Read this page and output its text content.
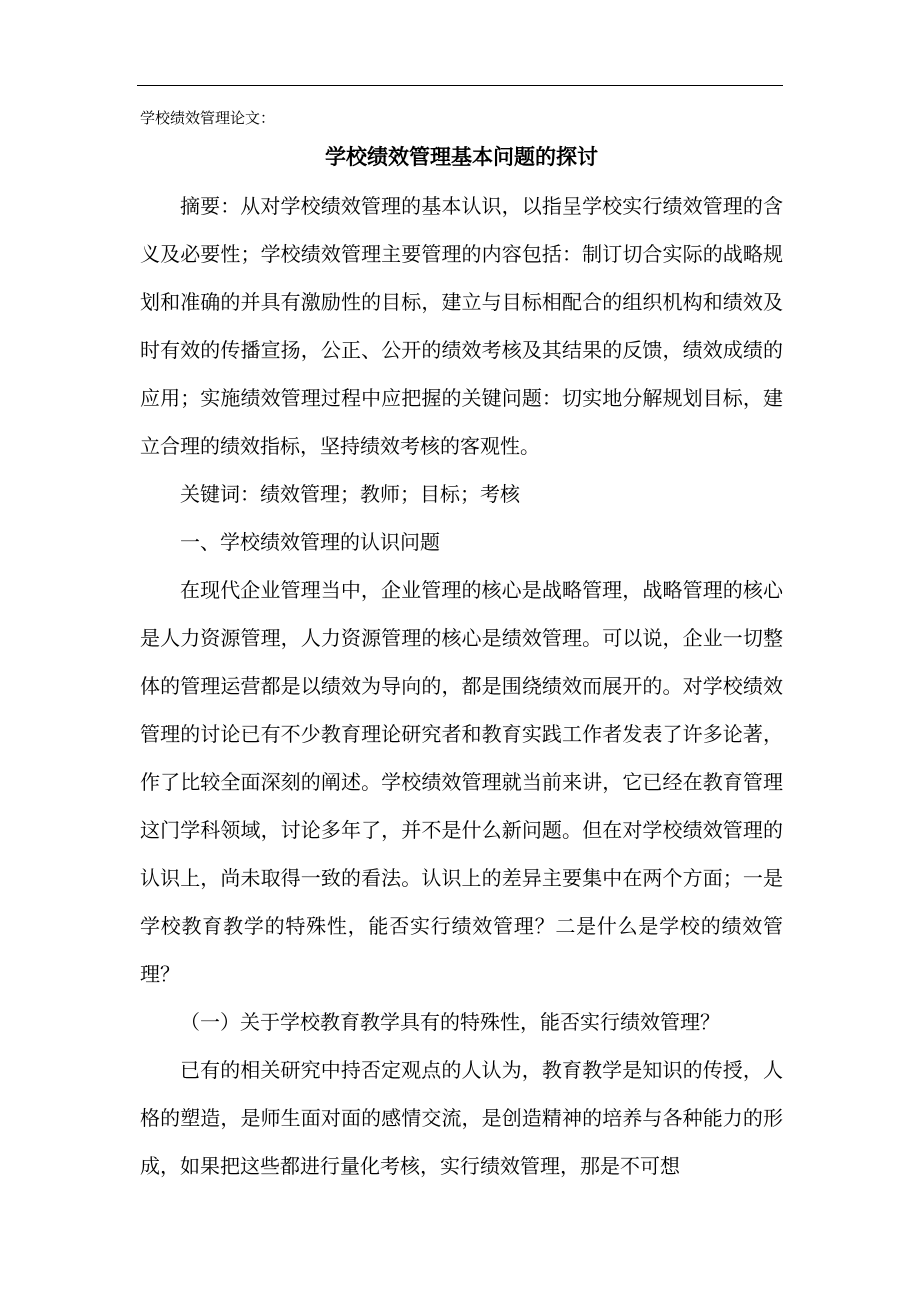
学校绩效管理论文：
学校绩效管理基本问题的探讨

摘要：从对学校绩效管理的基本认识，以指呈学校实行绩效管理的含义及必要性；学校绩效管理主要管理的内容包括：制订切合实际的战略规划和准确的并具有激励性的目标，建立与目标相配合的组织机构和绩效及时有效的传播宣扬，公正、公开的绩效考核及其结果的反馈，绩效成绩的应用；实施绩效管理过程中应把握的关键问题：切实地分解规划目标，建立合理的绩效指标，坚持绩效考核的客观性。

关键词：绩效管理；教师；目标；考核

一、学校绩效管理的认识问题

在现代企业管理当中，企业管理的核心是战略管理，战略管理的核心是人力资源管理，人力资源管理的核心是绩效管理。可以说，企业一切整体的管理运营都是以绩效为导向的，都是围绕绩效而展开的。对学校绩效管理的讨论已有不少教育理论研究者和教育实践工作者发表了许多论著，作了比较全面深刻的阐述。学校绩效管理就当前来讲，它已经在教育管理这门学科领域，讨论多年了，并不是什么新问题。但在对学校绩效管理的认识上，尚未取得一致的看法。认识上的差异主要集中在两个方面；一是学校教育教学的特殊性，能否实行绩效管理？二是什么是学校的绩效管理？

（一）关于学校教育教学具有的特殊性，能否实行绩效管理？

已有的相关研究中持否定观点的人认为，教育教学是知识的传授，人格的塑造，是师生面对面的感情交流，是创造精神的培养与各种能力的形成，如果把这些都进行量化考核，实行绩效管理，那是不可想
